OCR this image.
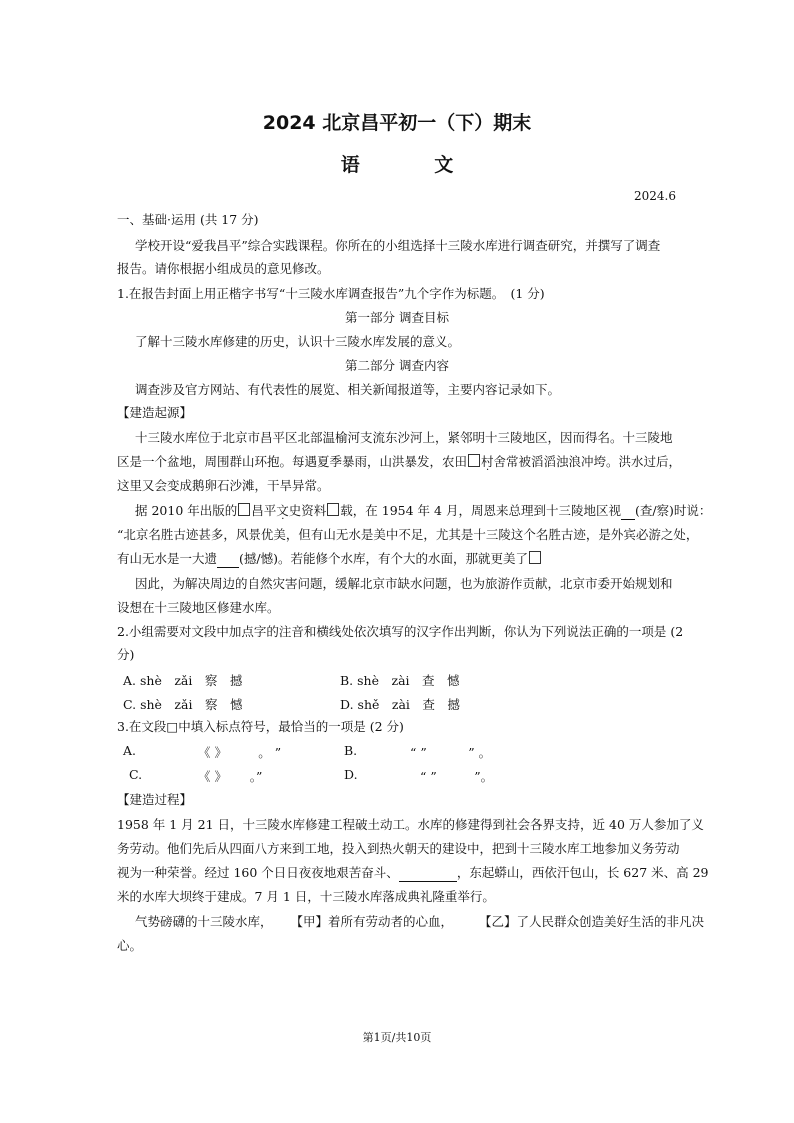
2024 北京昌平初一（下）期末
语 文
2024.6
一、基础·运用 (共 17 分)
学校开设“爱我昌平”综合实践课程。你所在的小组选择十三陵水库进行调查研究，并撰写了调查
报告。请你根据小组成员的意见修改。
1.在报告封面上用正楷字书写“十三陵水库调查报告”九个字作为标题。　(1 分)
第一部分 调查目标
了解十三陵水库修建的历史，认识十三陵水库发展的意义。
第二部分 调查内容
调查涉及官方网站、有代表性的展览、相关新闻报道等，主要内容记录如下。
【建造起源】
十三陵水库位于北京市昌平区北部温榆河支流东沙河上，紧邻明十三陵地区，因而得名。十三陵地
区是一个盆地，周围群山环抱。每遇夏季暴雨，山洪暴发，农田 村舍常被滔滔浊浪冲垮。洪水过后，
这里又会变成鹅卵石沙滩，干旱异常。
据 2010 年出版的 昌平文史资料 · 载，在 1954 年 4 月，周恩来总理到十三陵地区视 (查/察)时说：
“北京名胜古迹甚多，风景优美，但有山无水是美中不足，尤其是十三陵这个名胜古迹，是外宾必游之处，
有山无水是一大遗 (撼/憾)。若能修个水库，有个大的水面，那就更美了
因此，为解决周边的自然灾害问题，缓解北京市缺水问题，也为旅游作贡献，北京市委开始规划和
设想在十三陵地区修建水库。
2.小组需要对文段中加点字的注音和横线处依次填写的汉字作出判断，你认为下列说法正确的一项是 (2
分)
A. shè　zǎi　察　撼	B. shè　zài　查　憾
C. shè　zǎi　察　憾	D. shě　zài　查　撼
3.在文段□中填入标点符号，最恰当的一项是 (2 分)
A.	《 》　　　。 ”	B.	“ ”　　　 ” 。
C.	《 》　　 。”	D.	“ ”　　　”。
【建造过程】
1958 年 1 月 21 日，十三陵水库修建工程破土动工。水库的修建得到社会各界支持，近 40 万人参加了义
务劳动。他们先后从四面八方来到工地，投入到热火朝天的建设中，把到十三陵水库工地参加义务劳动
视为一种荣誉。经过 160 个日日夜夜地艰苦奋斗、	，东起蟒山，西依汗包山，长 627 米、高 29
米的水库大坝终于建成。7 月 1 日，十三陵水库落成典礼隆重举行。
气势磅礴的十三陵水库， 【甲】着所有劳动者的心血， 【乙】了人民群众创造美好生活的非凡决
心。
第1页/共10页
